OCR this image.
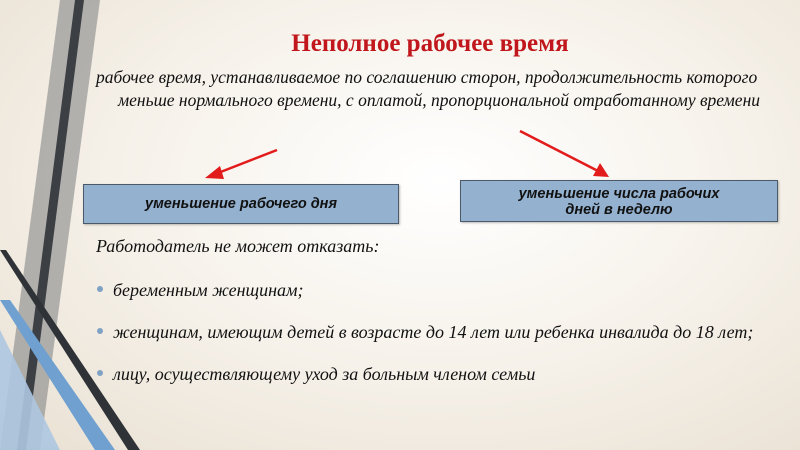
Неполное рабочее время
рабочее время, устанавливаемое по соглашению сторон, продолжительность которого меньше нормального времени, с оплатой, пропорциональной отработанному времени
уменьшение рабочего дня
уменьшение числа рабочих
дней в неделю
Работодатель не может отказать:
беременным женщинам;
женщинам, имеющим детей в возрасте до 14 лет или ребенка инвалида до 18 лет;
лицу, осуществляющему уход за больным членом семьи
